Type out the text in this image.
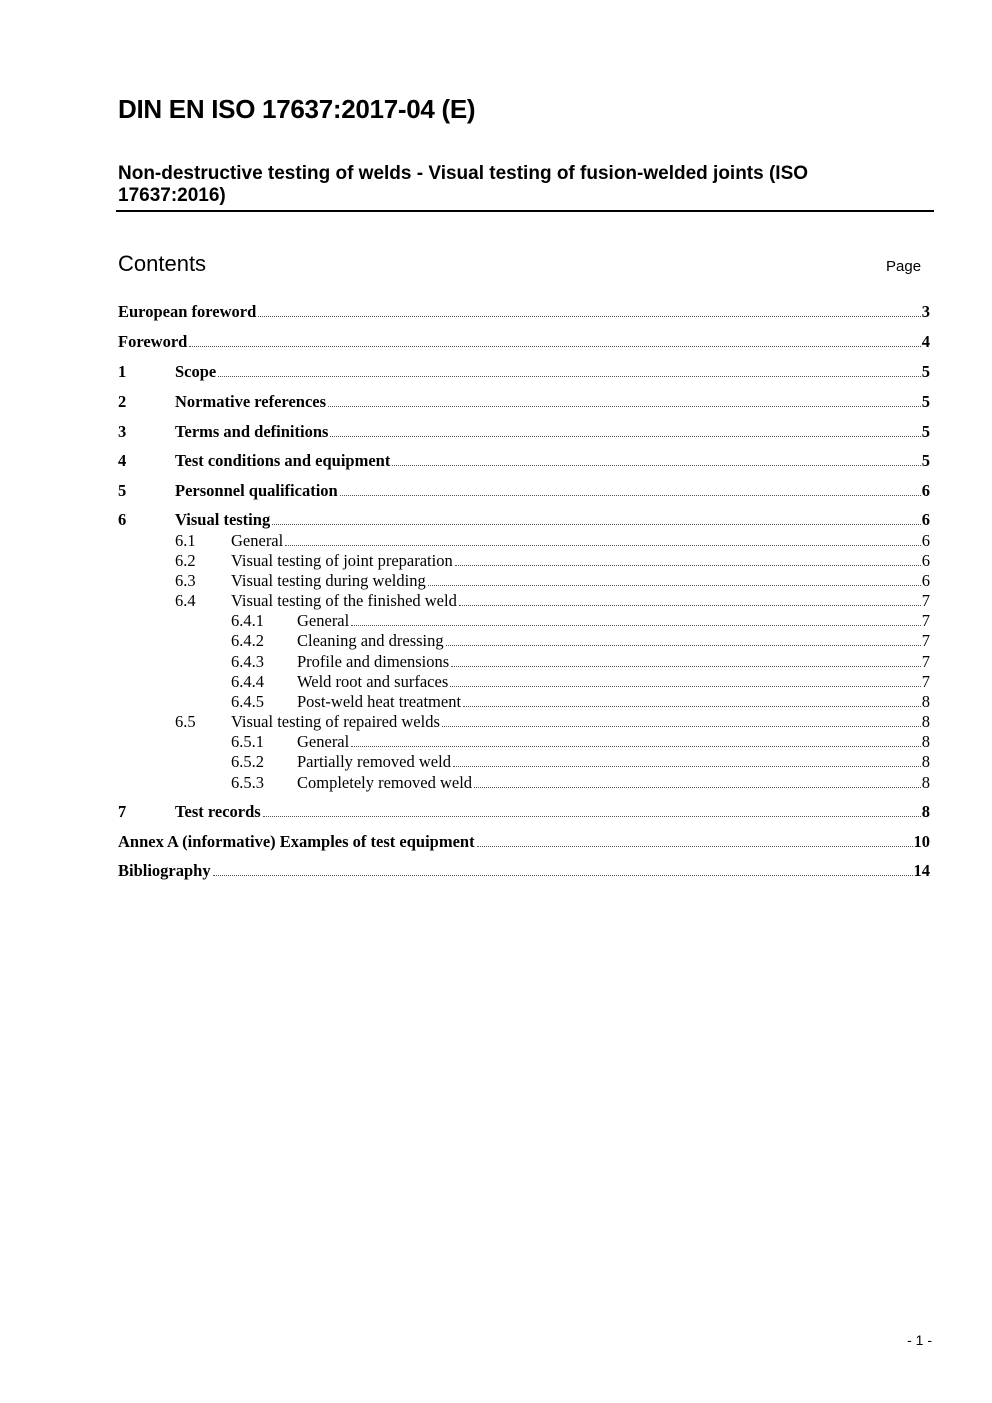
DIN EN ISO 17637:2017-04 (E)
Non-destructive testing of welds - Visual testing of fusion-welded joints (ISO 17637:2016)
Contents	Page
European foreword	3
Foreword	4
1	Scope	5
2	Normative references	5
3	Terms and definitions	5
4	Test conditions and equipment	5
5	Personnel qualification	6
6	Visual testing	6
6.1	General	6
6.2	Visual testing of joint preparation	6
6.3	Visual testing during welding	6
6.4	Visual testing of the finished weld	7
6.4.1	General	7
6.4.2	Cleaning and dressing	7
6.4.3	Profile and dimensions	7
6.4.4	Weld root and surfaces	7
6.4.5	Post-weld heat treatment	8
6.5	Visual testing of repaired welds	8
6.5.1	General	8
6.5.2	Partially removed weld	8
6.5.3	Completely removed weld	8
7	Test records	8
Annex A (informative) Examples of test equipment	10
Bibliography	14
- 1 -
